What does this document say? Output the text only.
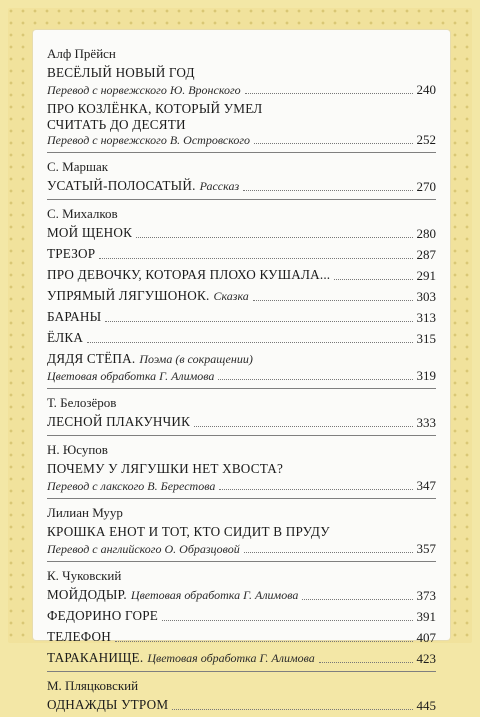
Алф Прёйсн
ВЕСЁЛЫЙ НОВЫЙ ГОД
Перевод с норвежского Ю. Вронского	240
ПРО КОЗЛЁНКА, КОТОРЫЙ УМЕЛ
СЧИТАТЬ ДО ДЕСЯТИ
Перевод с норвежского В. Островского	252
С. Маршак
УСАТЫЙ-ПОЛОСАТЫЙ. Рассказ	270
С. Михалков
МОЙ ЩЕНОК	280
ТРЕЗОР	287
ПРО ДЕВОЧКУ, КОТОРАЯ ПЛОХО КУШАЛА...	291
УПРЯМЫЙ ЛЯГУШОНОК. Сказка	303
БАРАНЫ	313
ЁЛКА	315
ДЯДЯ СТЁПА. Поэма (в сокращении)
Цветовая обработка Г. Алимова	319
Т. Белозёров
ЛЕСНОЙ ПЛАКУНЧИК	333
Н. Юсупов
ПОЧЕМУ У ЛЯГУШКИ НЕТ ХВОСТА?
Перевод с лакского В. Берестова	347
Лилиан Муур
КРОШКА ЕНОТ И ТОТ, КТО СИДИТ В ПРУДУ
Перевод с английского О. Образцовой	357
К. Чуковский
МОЙДОДЫР. Цветовая обработка Г. Алимова	373
ФЕДОРИНО ГОРЕ	391
ТЕЛЕФОН	407
ТАРАКАНИЩЕ. Цветовая обработка Г. Алимова	423
М. Пляцковский
ОДНАЖДЫ УТРОМ	445
